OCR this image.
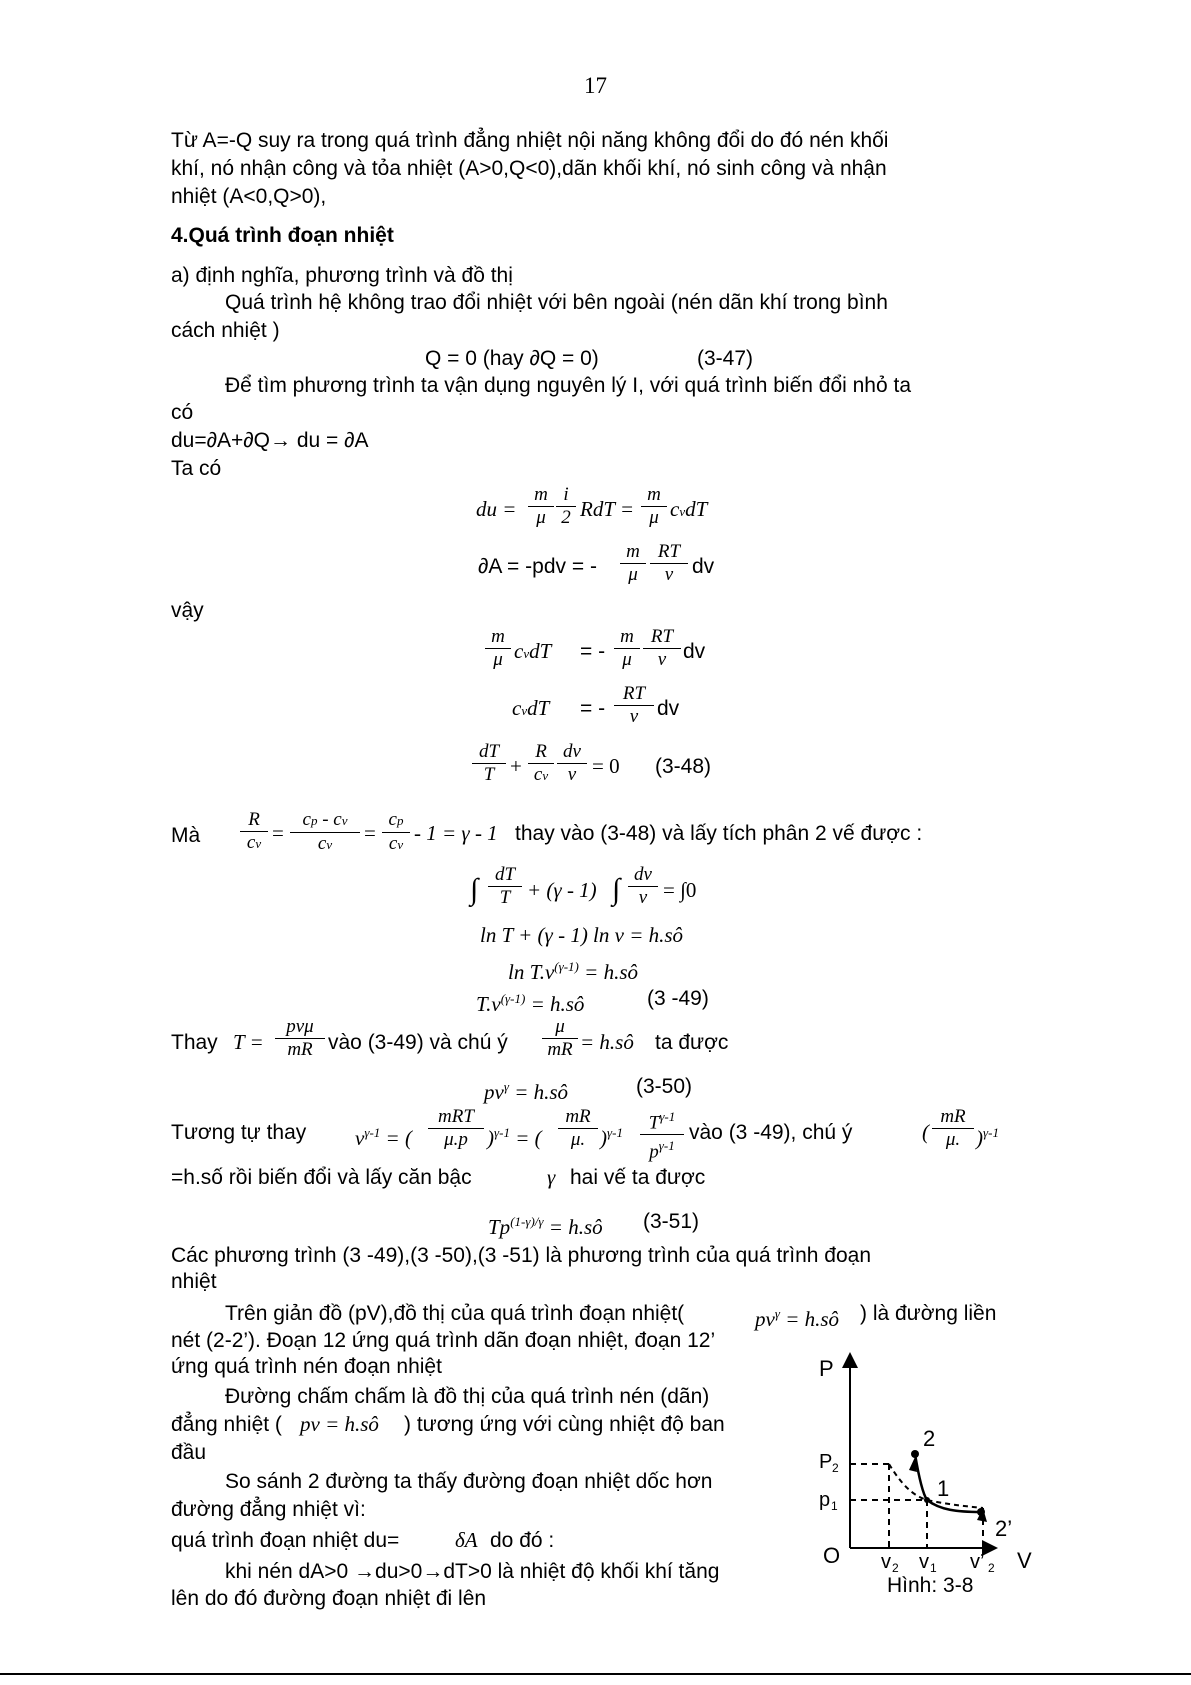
17
Từ A=-Q suy ra trong quá trình đẳng nhiệt nội năng không đổi do đó nén khối
khí, nó nhận công và tỏa nhiệt (A>0,Q<0),dãn khối khí, nó sinh công và nhận
nhiệt (A<0,Q>0),
4.Quá trình đoạn nhiệt
a) định nghĩa, phương trình và đồ thị
Quá trình hệ không trao đổi nhiệt với bên ngoài (nén dãn khí trong bình
cách nhiệt )
Q = 0 (hay ∂Q = 0)	(3-47)
Để tìm phương trình ta vận dụng nguyên lý I, với quá trình biến đổi nhỏ ta
có
du=∂A+∂Q→ du = ∂A
Ta có
du = $\frac{m}{\mu} \frac{i}{2}$ RdT = $\frac{m}{\mu}$ cvdT
∂A = -pdv = - $\frac{m}{\mu} \frac{RT}{v}$ dv
vậy
$\frac{m}{\mu}$ cvdT = - $\frac{m}{\mu} \frac{RT}{v}$ dv
cvdT = - $\frac{RT}{v}$ dv
$\frac{dT}{T} + \frac{R}{cv} \frac{dv}{v} = 0$ (3-48)
Mà $\frac{R}{cv} = \frac{cp - cv}{cv} = \frac{cp}{cv} - 1 = \gamma - 1$ thay vào (3-48) và lấy tích phân 2 vế được :
∫ $\frac{dT}{T} + (\gamma - 1)$ ∫ $\frac{dv}{v} = \int 0$
ln T + (γ - 1) ln v = h.sô
$\ln T.v^{(\gamma-1)}$ = h.sô
$T.v^{(\gamma-1)}$ = h.sô	(3 -49)
Thay T =
pvμ
mR vào (3-49) và chú ý $\frac{\mu}{mR}$ = h.sô ta được
$pv^\gamma$ = h.sô	(3-50)
Tương tự thay $v^{\gamma-1}$ = (
mRT
μ.p )$^{\gamma-1}$ = ( $\frac{mR}{\mu.} )^{\gamma-1} \frac{T^{\gamma-1}}{p^{\gamma-1}}$ vào (3 -49), chú ý	( $\frac{mR}{\mu.} )^{\gamma-1}$
=h.số rồi biến đổi và lấy căn bậc	γ hai vế ta được
$Tp^{(1-\gamma)/\gamma}$ = h.sô (3-51)
Các phương trình (3 -49),(3 -50),(3 -51) là phương trình của quá trình đoạn
nhiệt
Trên giản đồ (pV),đồ thị của quá trình đoạn nhiệt(	$pv^\gamma$ = h.sô ) là đường liền
nét (2-2’). Đoạn 12 ứng quá trình dãn đoạn nhiệt, đoạn 12’
ứng quá trình nén đoạn nhiệt
Đường chấm chấm là đồ thị của quá trình nén (dãn)
đẳng nhiệt ( pv = h.sô ) tương ứng với cùng nhiệt độ ban
đầu
So sánh 2 đường ta thấy đường đoạn nhiệt dốc hơn
đường đẳng nhiệt vì:
quá trình đoạn nhiệt du=	δA do đó :
khi nén dA>0 →du>0→dT>0 là nhiệt độ khối khí tăng
lên do đó đường đoạn nhiệt đi lên
P
V
O
P 2
p 1
2
1
2’
v 2 v 1 v’ 2
Hình: 3-8
